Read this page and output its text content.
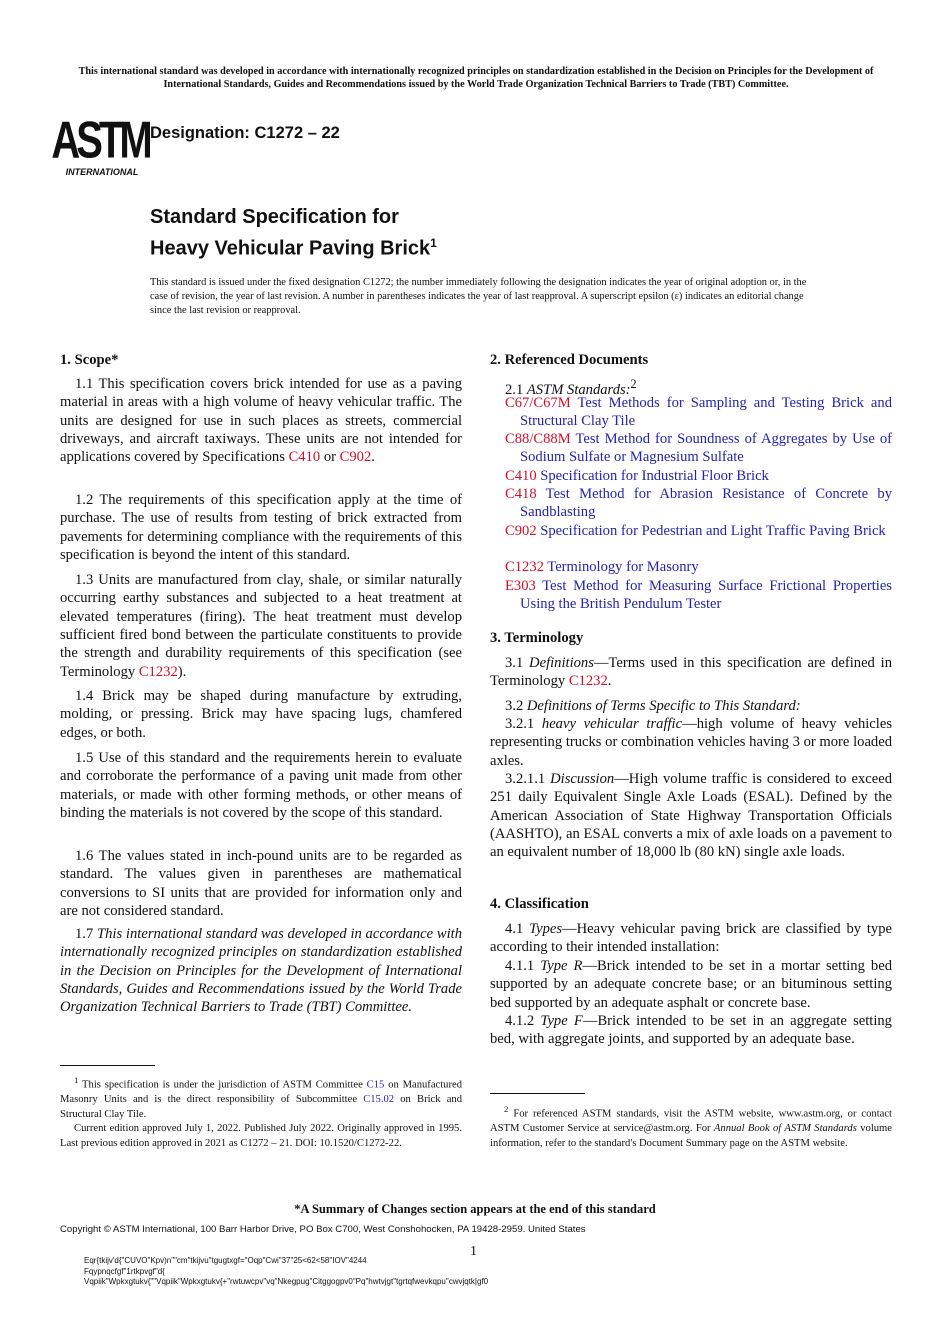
This international standard was developed in accordance with internationally recognized principles on standardization established in the Decision on Principles for the Development of International Standards, Guides and Recommendations issued by the World Trade Organization Technical Barriers to Trade (TBT) Committee.
ASTM
INTERNATIONAL
Designation: C1272 – 22
Standard Specification for
Heavy Vehicular Paving Brick$^1$
This standard is issued under the fixed designation C1272; the number immediately following the designation indicates the year of original adoption or, in the case of revision, the year of last revision. A number in parentheses indicates the year of last reapproval. A superscript epsilon (ε) indicates an editorial change since the last revision or reapproval.

1. Scope*

1.1 This specification covers brick intended for use as a paving material in areas with a high volume of heavy vehicular traffic. The units are designed for use in such places as streets, commercial driveways, and aircraft taxiways. These units are not intended for applications covered by Specifications C410 or C902.

1.2 The requirements of this specification apply at the time of purchase. The use of results from testing of brick extracted from pavements for determining compliance with the requirements of this specification is beyond the intent of this standard.

1.3 Units are manufactured from clay, shale, or similar naturally occurring earthy substances and subjected to a heat treatment at elevated temperatures (firing). The heat treatment must develop sufficient fired bond between the particulate constituents to provide the strength and durability requirements of this specification (see Terminology C1232).

1.4 Brick may be shaped during manufacture by extruding, molding, or pressing. Brick may have spacing lugs, chamfered edges, or both.

1.5 Use of this standard and the requirements herein to evaluate and corroborate the performance of a paving unit made from other materials, or made with other forming methods, or other means of binding the materials is not covered by the scope of this standard.

1.6 The values stated in inch-pound units are to be regarded as standard. The values given in parentheses are mathematical conversions to SI units that are provided for information only and are not considered standard.

1.7 This international standard was developed in accordance with internationally recognized principles on standardization established in the Decision on Principles for the Development of International Standards, Guides and Recommendations issued by the World Trade Organization Technical Barriers to Trade (TBT) Committee.

2. Referenced Documents

2.1 ASTM Standards:$^2$

C67/C67M Test Methods for Sampling and Testing Brick and Structural Clay Tile

C88/C88M Test Method for Soundness of Aggregates by Use of Sodium Sulfate or Magnesium Sulfate

C410 Specification for Industrial Floor Brick

C418 Test Method for Abrasion Resistance of Concrete by Sandblasting

C902 Specification for Pedestrian and Light Traffic Paving Brick

C1232 Terminology for Masonry

E303 Test Method for Measuring Surface Frictional Properties Using the British Pendulum Tester

3. Terminology

3.1 Definitions—Terms used in this specification are defined in Terminology C1232.

3.2 Definitions of Terms Specific to This Standard:

3.2.1 heavy vehicular traffic—high volume of heavy vehicles representing trucks or combination vehicles having 3 or more loaded axles.

3.2.1.1 Discussion—High volume traffic is considered to exceed 251 daily Equivalent Single Axle Loads (ESAL). Defined by the American Association of State Highway Transportation Officials (AASHTO), an ESAL converts a mix of axle loads on a pavement to an equivalent number of 18,000 lb (80 kN) single axle loads.

4. Classification

4.1 Types—Heavy vehicular paving brick are classified by type according to their intended installation:

4.1.1 Type R—Brick intended to be set in a mortar setting bed supported by an adequate concrete base; or an bituminous setting bed supported by an adequate asphalt or concrete base.

4.1.2 Type F—Brick intended to be set in an aggregate setting bed, with aggregate joints, and supported by an adequate base.

$^1$ This specification is under the jurisdiction of ASTM Committee C15 on Manufactured Masonry Units and is the direct responsibility of Subcommittee C15.02 on Brick and Structural Clay Tile.

Current edition approved July 1, 2022. Published July 2022. Originally approved in 1995. Last previous edition approved in 2021 as C1272 – 21. DOI: 10.1520/C1272-22.

$^2$ For referenced ASTM standards, visit the ASTM website, www.astm.org, or contact ASTM Customer Service at service@astm.org. For Annual Book of ASTM Standards volume information, refer to the standard's Document Summary page on the ASTM website.

*A Summary of Changes section appears at the end of this standard
Copyright © ASTM International, 100 Barr Harbor Drive, PO Box C700, West Conshohocken, PA 19428-2959. United States
1
Eqr{tkijv'd{"CUVO"Kpv)n""cm"tkijvu"tgugtxgf="Oqp"Cwi"37"25<62<58"IOV"4244
Fqypnqcfgf"1rtkpvgf"d{
Vqpiik"Wpkxgtukv{""Vqpiik"Wpkxgtukv{+"rwtuwcpv"vq"Nkegpug"Citggogpv0"Pq"hwtvjgt"tgrtqfwevkqpu"cwvjqtk|gf0
